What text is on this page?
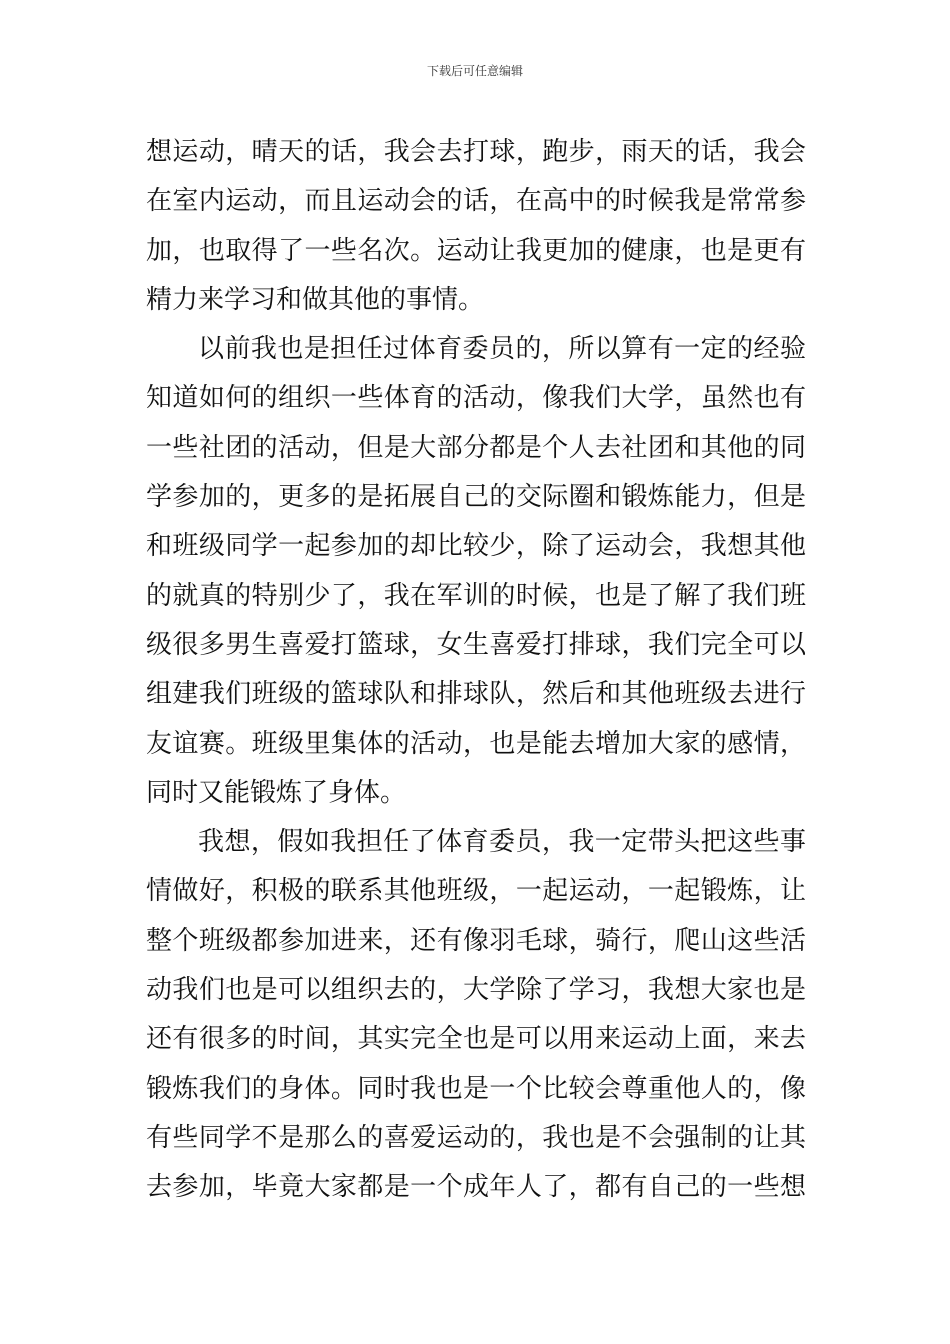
下载后可任意编辑
想运动，晴天的话，我会去打球，跑步，雨天的话，我会
在室内运动，而且运动会的话，在高中的时候我是常常参
加，也取得了一些名次。运动让我更加的健康，也是更有
精力来学习和做其他的事情。
以前我也是担任过体育委员的，所以算有一定的经验
知道如何的组织一些体育的活动，像我们大学，虽然也有
一些社团的活动，但是大部分都是个人去社团和其他的同
学参加的，更多的是拓展自己的交际圈和锻炼能力，但是
和班级同学一起参加的却比较少，除了运动会，我想其他
的就真的特别少了，我在军训的时候，也是了解了我们班
级很多男生喜爱打篮球，女生喜爱打排球，我们完全可以
组建我们班级的篮球队和排球队，然后和其他班级去进行
友谊赛。班级里集体的活动，也是能去增加大家的感情，
同时又能锻炼了身体。
我想，假如我担任了体育委员，我一定带头把这些事
情做好，积极的联系其他班级，一起运动，一起锻炼，让
整个班级都参加进来，还有像羽毛球，骑行，爬山这些活
动我们也是可以组织去的，大学除了学习，我想大家也是
还有很多的时间，其实完全也是可以用来运动上面，来去
锻炼我们的身体。同时我也是一个比较会尊重他人的，像
有些同学不是那么的喜爱运动的，我也是不会强制的让其
去参加，毕竟大家都是一个成年人了，都有自己的一些想
